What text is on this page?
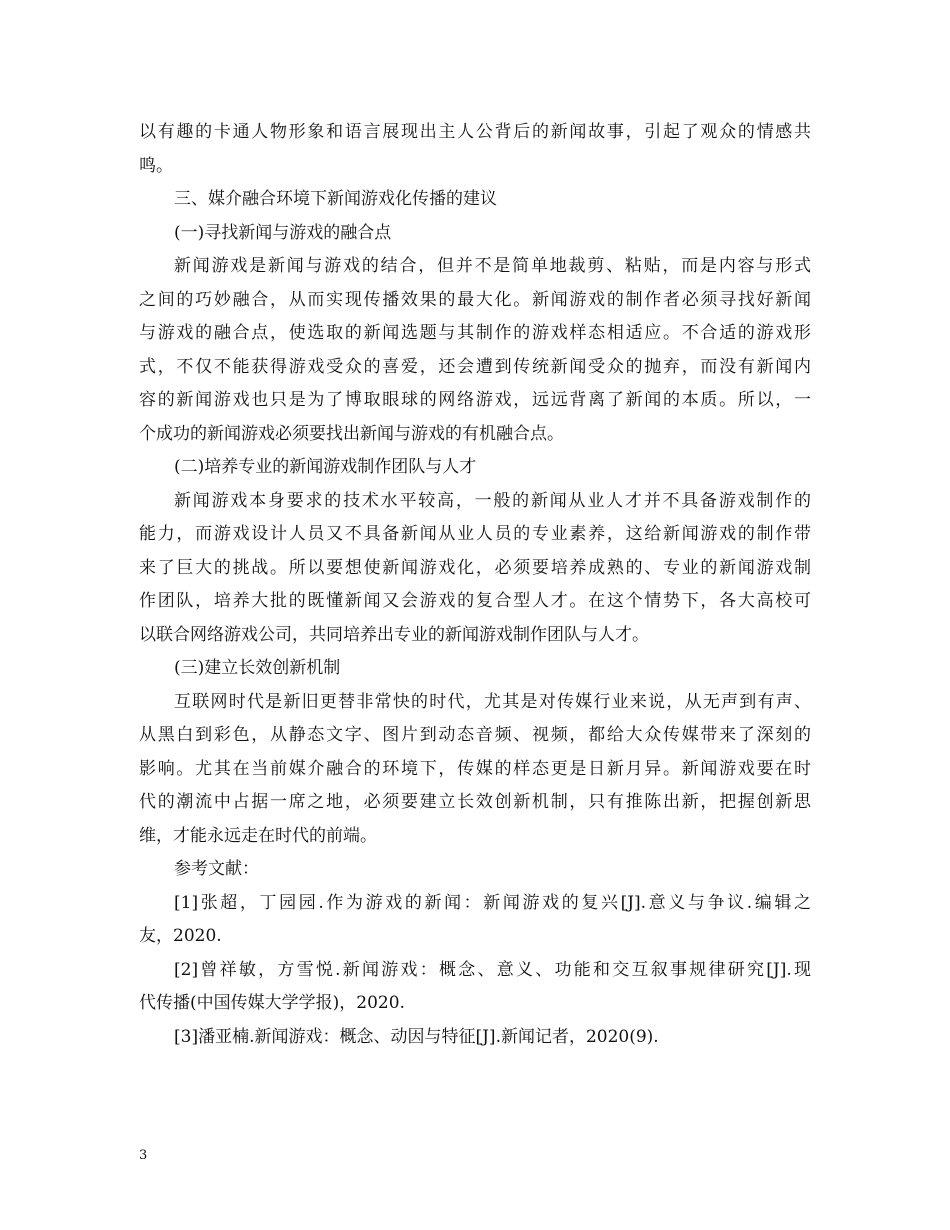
以有趣的卡通人物形象和语言展现出主人公背后的新闻故事，引起了观众的情感共
鸣。
三、媒介融合环境下新闻游戏化传播的建议
(一)寻找新闻与游戏的融合点
新闻游戏是新闻与游戏的结合，但并不是简单地裁剪、粘贴，而是内容与形式
之间的巧妙融合，从而实现传播效果的最大化。新闻游戏的制作者必须寻找好新闻
与游戏的融合点，使选取的新闻选题与其制作的游戏样态相适应。不合适的游戏形
式，不仅不能获得游戏受众的喜爱，还会遭到传统新闻受众的抛弃，而没有新闻内
容的新闻游戏也只是为了博取眼球的网络游戏，远远背离了新闻的本质。所以，一
个成功的新闻游戏必须要找出新闻与游戏的有机融合点。
(二)培养专业的新闻游戏制作团队与人才
新闻游戏本身要求的技术水平较高，一般的新闻从业人才并不具备游戏制作的
能力，而游戏设计人员又不具备新闻从业人员的专业素养，这给新闻游戏的制作带
来了巨大的挑战。所以要想使新闻游戏化，必须要培养成熟的、专业的新闻游戏制
作团队，培养大批的既懂新闻又会游戏的复合型人才。在这个情势下，各大高校可
以联合网络游戏公司，共同培养出专业的新闻游戏制作团队与人才。
(三)建立长效创新机制
互联网时代是新旧更替非常快的时代，尤其是对传媒行业来说，从无声到有声、
从黑白到彩色，从静态文字、图片到动态音频、视频，都给大众传媒带来了深刻的
影响。尤其在当前媒介融合的环境下，传媒的样态更是日新月异。新闻游戏要在时
代的潮流中占据一席之地，必须要建立长效创新机制，只有推陈出新，把握创新思
维，才能永远走在时代的前端。
参考文献：
[1]张超，丁园园.作为游戏的新闻：新闻游戏的复兴[J].意义与争议.编辑之
友，2020.
[2]曾祥敏，方雪悦.新闻游戏：概念、意义、功能和交互叙事规律研究[J].现
代传播(中国传媒大学学报)，2020.
[3]潘亚楠.新闻游戏：概念、动因与特征[J].新闻记者，2020(9).
3
